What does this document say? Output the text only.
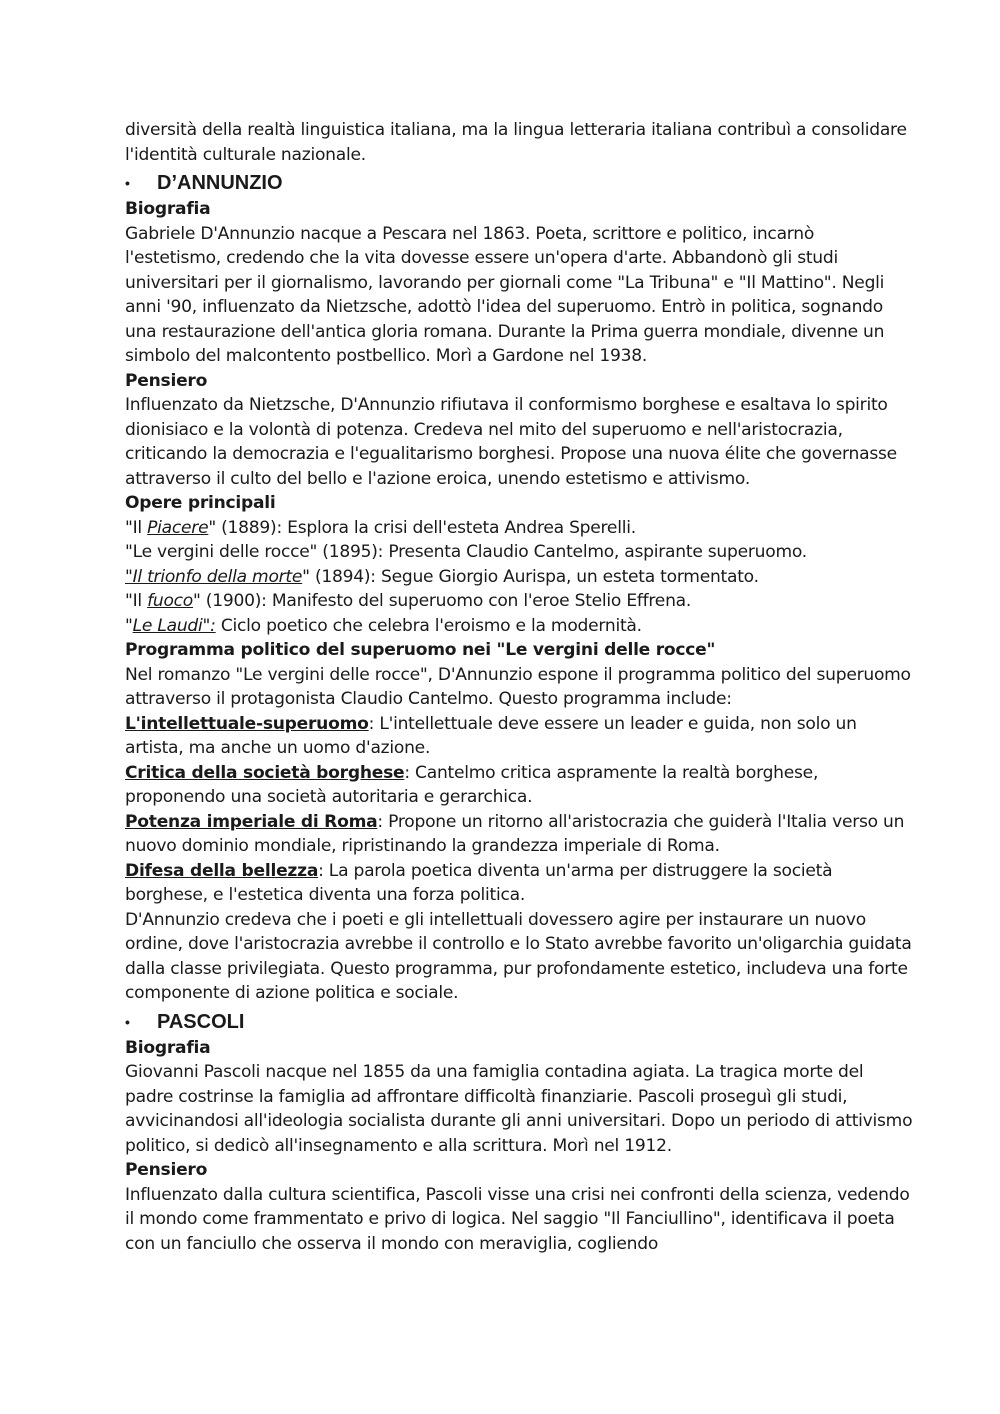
diversità della realtà linguistica italiana, ma la lingua letteraria italiana contribuì a consolidare l'identità culturale nazionale.

•	D’ANNUNZIO

Biografia

Gabriele D'Annunzio nacque a Pescara nel 1863. Poeta, scrittore e politico, incarnò l'estetismo, credendo che la vita dovesse essere un'opera d'arte. Abbandonò gli studi universitari per il giornalismo, lavorando per giornali come "La Tribuna" e "Il Mattino". Negli anni '90, influenzato da Nietzsche, adottò l'idea del superuomo. Entrò in politica, sognando una restaurazione dell'antica gloria romana. Durante la Prima guerra mondiale, divenne un simbolo del malcontento postbellico. Morì a Gardone nel 1938.

Pensiero

Influenzato da Nietzsche, D'Annunzio rifiutava il conformismo borghese e esaltava lo spirito dionisiaco e la volontà di potenza. Credeva nel mito del superuomo e nell'aristocrazia, criticando la democrazia e l'egualitarismo borghesi. Propose una nuova élite che governasse attraverso il culto del bello e l'azione eroica, unendo estetismo e attivismo.

Opere principali

"Il Piacere" (1889): Esplora la crisi dell'esteta Andrea Sperelli.

"Le vergini delle rocce" (1895): Presenta Claudio Cantelmo, aspirante superuomo.

"Il trionfo della morte" (1894): Segue Giorgio Aurispa, un esteta tormentato.

"Il fuoco" (1900): Manifesto del superuomo con l'eroe Stelio Effrena.

"Le Laudi": Ciclo poetico che celebra l'eroismo e la modernità.

Programma politico del superuomo nei "Le vergini delle rocce"

Nel romanzo "Le vergini delle rocce", D'Annunzio espone il programma politico del superuomo attraverso il protagonista Claudio Cantelmo. Questo programma include:

L'intellettuale-superuomo: L'intellettuale deve essere un leader e guida, non solo un artista, ma anche un uomo d'azione.

Critica della società borghese: Cantelmo critica aspramente la realtà borghese, proponendo una società autoritaria e gerarchica.

Potenza imperiale di Roma: Propone un ritorno all'aristocrazia che guiderà l'Italia verso un nuovo dominio mondiale, ripristinando la grandezza imperiale di Roma.

Difesa della bellezza: La parola poetica diventa un'arma per distruggere la società borghese, e l'estetica diventa una forza politica.

D'Annunzio credeva che i poeti e gli intellettuali dovessero agire per instaurare un nuovo ordine, dove l'aristocrazia avrebbe il controllo e lo Stato avrebbe favorito un'oligarchia guidata dalla classe privilegiata. Questo programma, pur profondamente estetico, includeva una forte componente di azione politica e sociale.

•	PASCOLI

Biografia

Giovanni Pascoli nacque nel 1855 da una famiglia contadina agiata. La tragica morte del padre costrinse la famiglia ad affrontare difficoltà finanziarie. Pascoli proseguì gli studi, avvicinandosi all'ideologia socialista durante gli anni universitari. Dopo un periodo di attivismo politico, si dedicò all'insegnamento e alla scrittura. Morì nel 1912.

Pensiero

Influenzato dalla cultura scientifica, Pascoli visse una crisi nei confronti della scienza, vedendo il mondo come frammentato e privo di logica. Nel saggio "Il Fanciullino", identificava il poeta con un fanciullo che osserva il mondo con meraviglia, cogliendo
